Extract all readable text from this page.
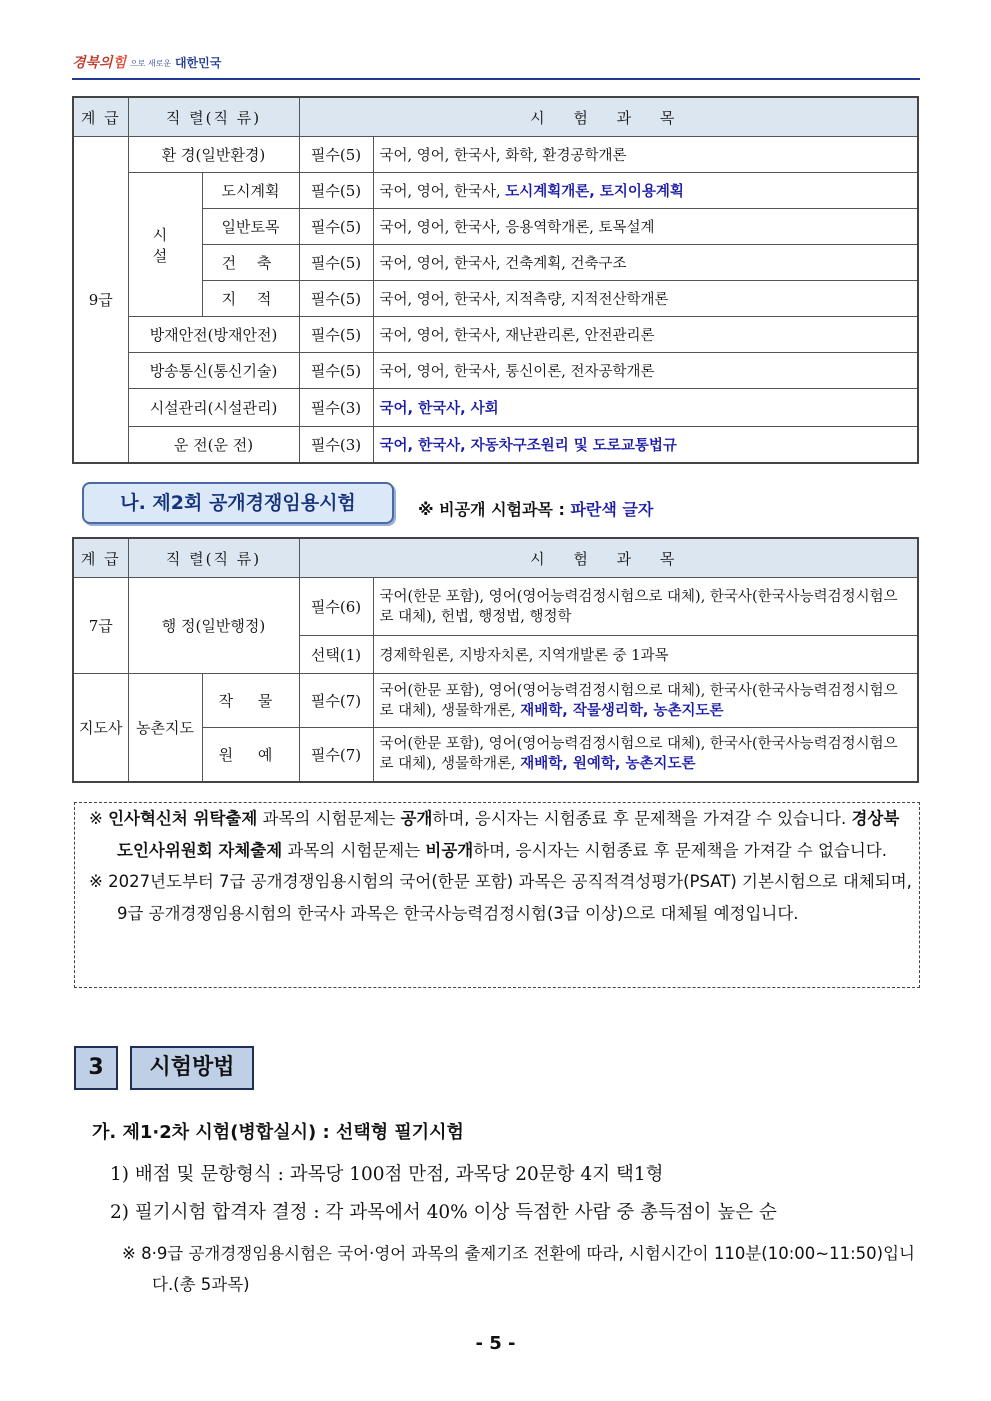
경북의힘 으로 새로운 대한민국
계 급	직 렬(직 류)		시 험 과 목	
9급	환 경(일반환경)		필수(5)	국어, 영어, 한국사, 화학, 환경공학개론
	시 설	도시계획	필수(5)	국어, 영어, 한국사, 도시계획개론, 토지이용계획
		일반토목	필수(5)	국어, 영어, 한국사, 응용역학개론, 토목설계
		건 축	필수(5)	국어, 영어, 한국사, 건축계획, 건축구조
		지 적	필수(5)	국어, 영어, 한국사, 지적측량, 지적전산학개론
	방재안전(방재안전)		필수(5)	국어, 영어, 한국사, 재난관리론, 안전관리론
	방송통신(통신기술)		필수(5)	국어, 영어, 한국사, 통신이론, 전자공학개론
	시설관리(시설관리)		필수(3)	국어, 한국사, 사회
	운 전(운 전)		필수(3)	국어, 한국사, 자동차구조원리 및 도로교통법규
나. 제2회 공개경쟁임용시험	※ 비공개 시험과목 : 파란색 글자
계 급	직 렬(직 류)		시 험 과 목	
7급	행 정(일반행정)		필수(6)	국어(한문 포함), 영어(영어능력검정시험으로 대체), 한국사(한국사능력검정시험으로 대체), 헌법, 행정법, 행정학
			선택(1)	경제학원론, 지방자치론, 지역개발론 중 1과목
지도사	농촌지도	작 물	필수(7)	국어(한문 포함), 영어(영어능력검정시험으로 대체), 한국사(한국사능력검정시험으로 대체), 생물학개론, 재배학, 작물생리학, 농촌지도론
		원 예	필수(7)	국어(한문 포함), 영어(영어능력검정시험으로 대체), 한국사(한국사능력검정시험으로 대체), 생물학개론, 재배학, 원예학, 농촌지도론

※ 인사혁신처 위탁출제 과목의 시험문제는 공개하며, 응시자는 시험종료 후 문제책을 가져갈 수 있습니다. 경상북도인사위원회 자체출제 과목의 시험문제는 비공개하며, 응시자는 시험종료 후 문제책을 가져갈 수 없습니다.

※ 2027년도부터 7급 공개경쟁임용시험의 국어(한문 포함) 과목은 공직적격성평가(PSAT) 기본시험으로 대체되며, 9급 공개경쟁임용시험의 한국사 과목은 한국사능력검정시험(3급 이상)으로 대체될 예정입니다.

3	시험방법
가. 제1·2차 시험(병합실시) : 선택형 필기시험
1) 배점 및 문항형식 : 과목당 100점 만점, 과목당 20문항 4지 택1형
2) 필기시험 합격자 결정 : 각 과목에서 40% 이상 득점한 사람 중 총득점이 높은 순

※ 8·9급 공개경쟁임용시험은 국어·영어 과목의 출제기조 전환에 따라, 시험시간이 110분(10:00~11:50)입니다.(총 5과목)

- 5 -
